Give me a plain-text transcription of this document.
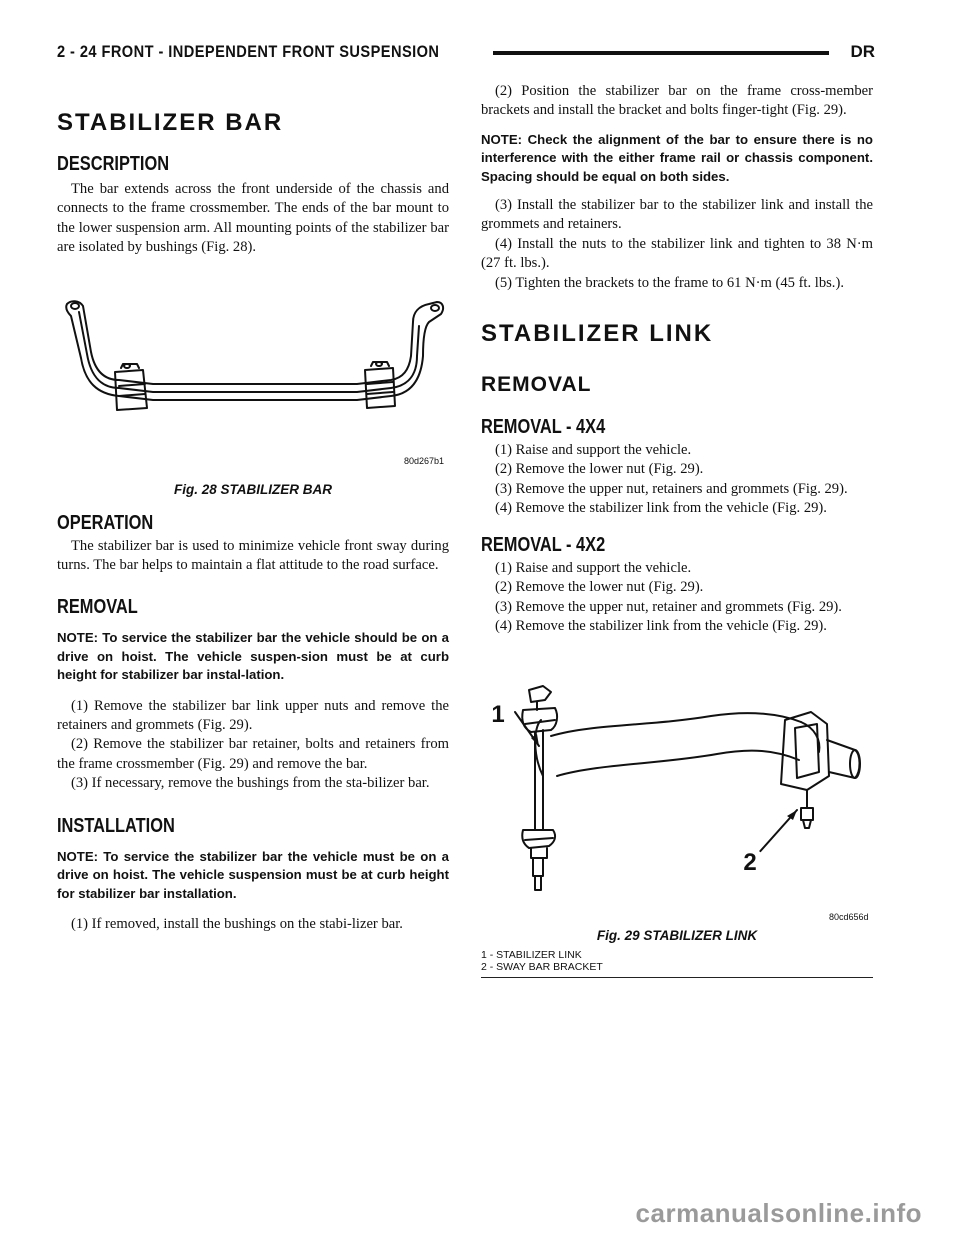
2 - 24 FRONT - INDEPENDENT FRONT SUSPENSION	DR
STABILIZER BAR
DESCRIPTION

The bar extends across the front underside of the chassis and connects to the frame crossmember. The ends of the bar mount to the lower suspension arm. All mounting points of the stabilizer bar are isolated by bushings (Fig. 28).

80d267b1
Fig. 28 STABILIZER BAR
OPERATION

The stabilizer bar is used to minimize vehicle front sway during turns. The bar helps to maintain a flat attitude to the road surface.

REMOVAL

NOTE: To service the stabilizer bar the vehicle should be on a drive on hoist. The vehicle suspen-sion must be at curb height for stabilizer bar instal-lation.

(1) Remove the stabilizer bar link upper nuts and remove the retainers and grommets (Fig. 29).

(2) Remove the stabilizer bar retainer, bolts and retainers from the frame crossmember (Fig. 29) and remove the bar.

(3) If necessary, remove the bushings from the sta-bilizer bar.

INSTALLATION

NOTE: To service the stabilizer bar the vehicle must be on a drive on hoist. The vehicle suspension must be at curb height for stabilizer bar installation.

(1) If removed, install the bushings on the stabi-lizer bar.

(2) Position the stabilizer bar on the frame cross-member brackets and install the bracket and bolts finger-tight (Fig. 29).

NOTE: Check the alignment of the bar to ensure there is no interference with the either frame rail or chassis component. Spacing should be equal on both sides.

(3) Install the stabilizer bar to the stabilizer link and install the grommets and retainers.

(4) Install the nuts to the stabilizer link and tighten to 38 N·m (27 ft. lbs.).

(5) Tighten the brackets to the frame to 61 N·m (45 ft. lbs.).

STABILIZER LINK
REMOVAL
REMOVAL - 4X4

(1) Raise and support the vehicle.

(2) Remove the lower nut (Fig. 29).

(3) Remove the upper nut, retainers and grommets (Fig. 29).

(4) Remove the stabilizer link from the vehicle (Fig. 29).

REMOVAL - 4X2

(1) Raise and support the vehicle.

(2) Remove the lower nut (Fig. 29).

(3) Remove the upper nut, retainer and grommets (Fig. 29).

(4) Remove the stabilizer link from the vehicle (Fig. 29).

1
2
80cd656d
Fig. 29 STABILIZER LINK
1 - STABILIZER LINK
2 - SWAY BAR BRACKET
carmanualsonline.info
